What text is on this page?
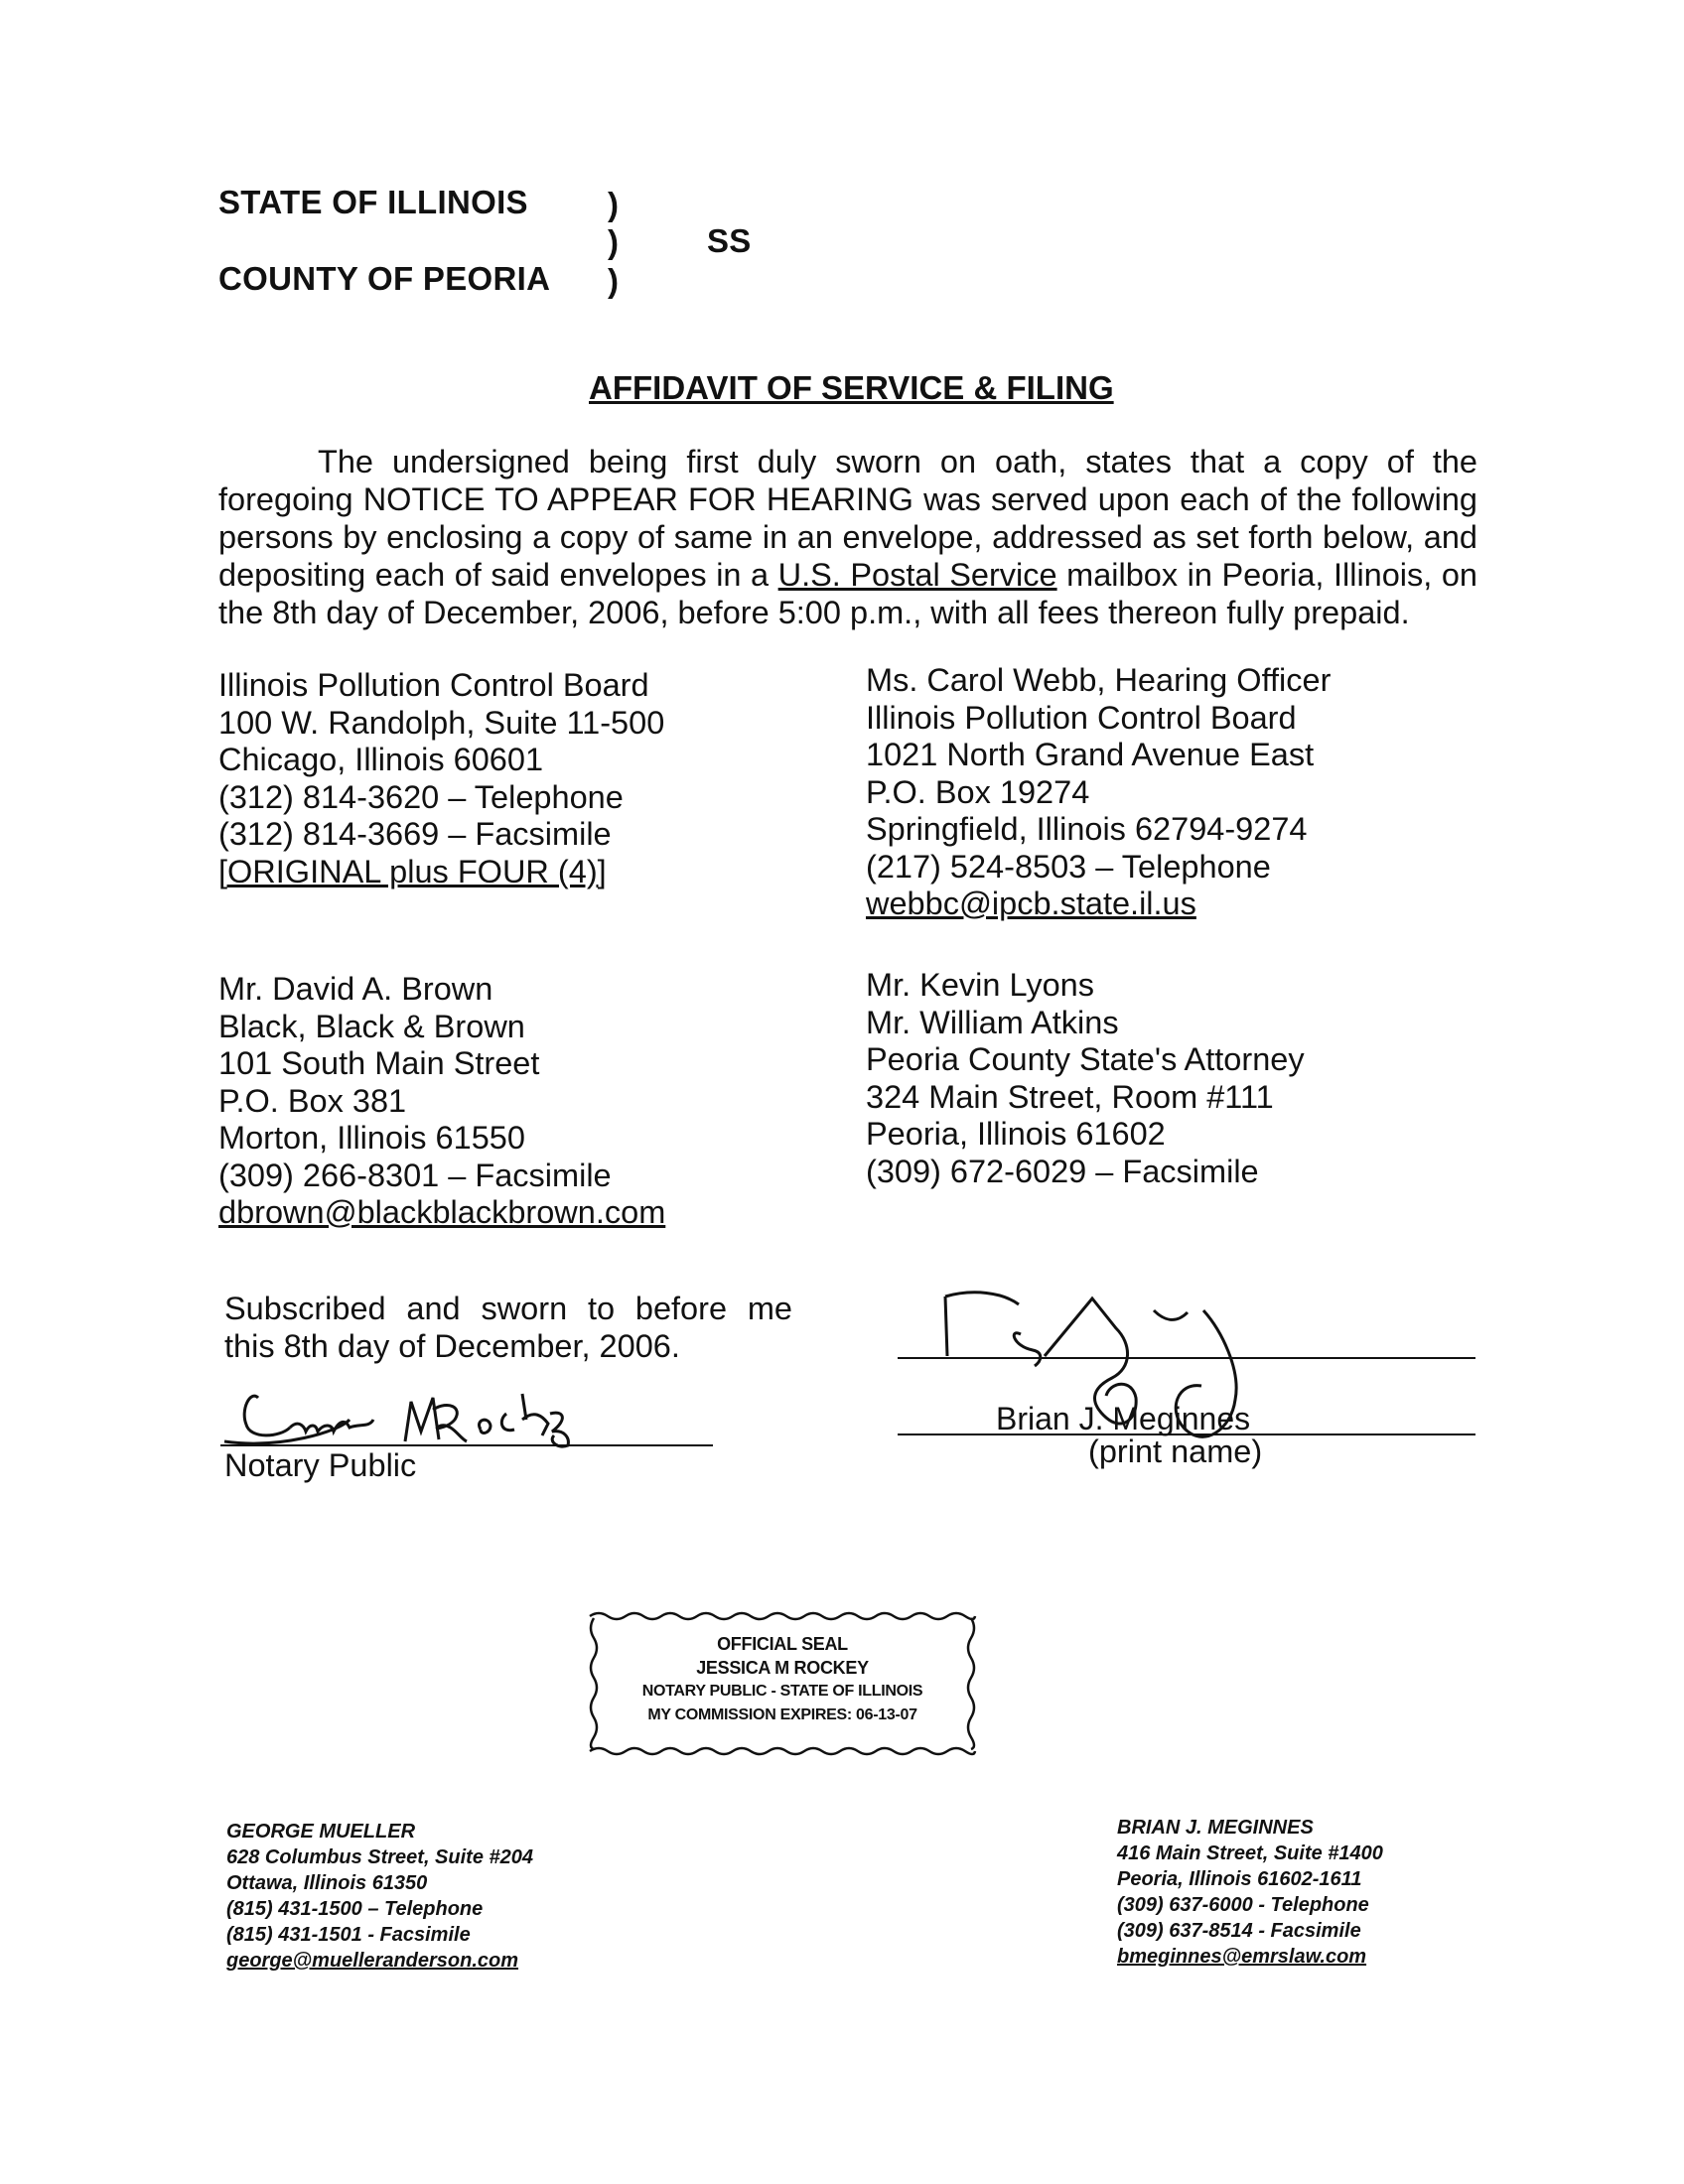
STATE OF ILLINOIS
COUNTY OF PEORIA
)
)
)
SS
AFFIDAVIT OF SERVICE & FILING
The undersigned being first duly sworn on oath, states that a copy of the foregoing NOTICE TO APPEAR FOR HEARING was served upon each of the following persons by enclosing a copy of same in an envelope, addressed as set forth below, and depositing each of said envelopes in a U.S. Postal Service mailbox in Peoria, Illinois, on the 8th day of December, 2006, before 5:00 p.m., with all fees thereon fully prepaid.
Illinois Pollution Control Board
100 W. Randolph, Suite 11-500
Chicago, Illinois 60601
(312) 814-3620 – Telephone
(312) 814-3669 – Facsimile
[ORIGINAL plus FOUR (4)]
Ms. Carol Webb, Hearing Officer
Illinois Pollution Control Board
1021 North Grand Avenue East
P.O. Box 19274
Springfield, Illinois 62794-9274
(217) 524-8503 – Telephone
webbc@ipcb.state.il.us
Mr. David A. Brown
Black, Black & Brown
101 South Main Street
P.O. Box 381
Morton, Illinois 61550
(309) 266-8301 – Facsimile
dbrown@blackblackbrown.com
Mr. Kevin Lyons
Mr. William Atkins
Peoria County State's Attorney
324 Main Street, Room #111
Peoria, Illinois 61602
(309) 672-6029 – Facsimile
Subscribed and sworn to before me
this 8th day of December, 2006.
Notary Public
Brian J. Meginnes
(print name)
OFFICIAL SEAL
JESSICA M ROCKEY
NOTARY PUBLIC - STATE OF ILLINOIS
MY COMMISSION EXPIRES: 06-13-07
GEORGE MUELLER
628 Columbus Street, Suite #204
Ottawa, Illinois 61350
(815) 431-1500 – Telephone
(815) 431-1501 - Facsimile
george@muelleranderson.com
BRIAN J. MEGINNES
416 Main Street, Suite #1400
Peoria, Illinois 61602-1611
(309) 637-6000 - Telephone
(309) 637-8514 - Facsimile
bmeginnes@emrslaw.com
